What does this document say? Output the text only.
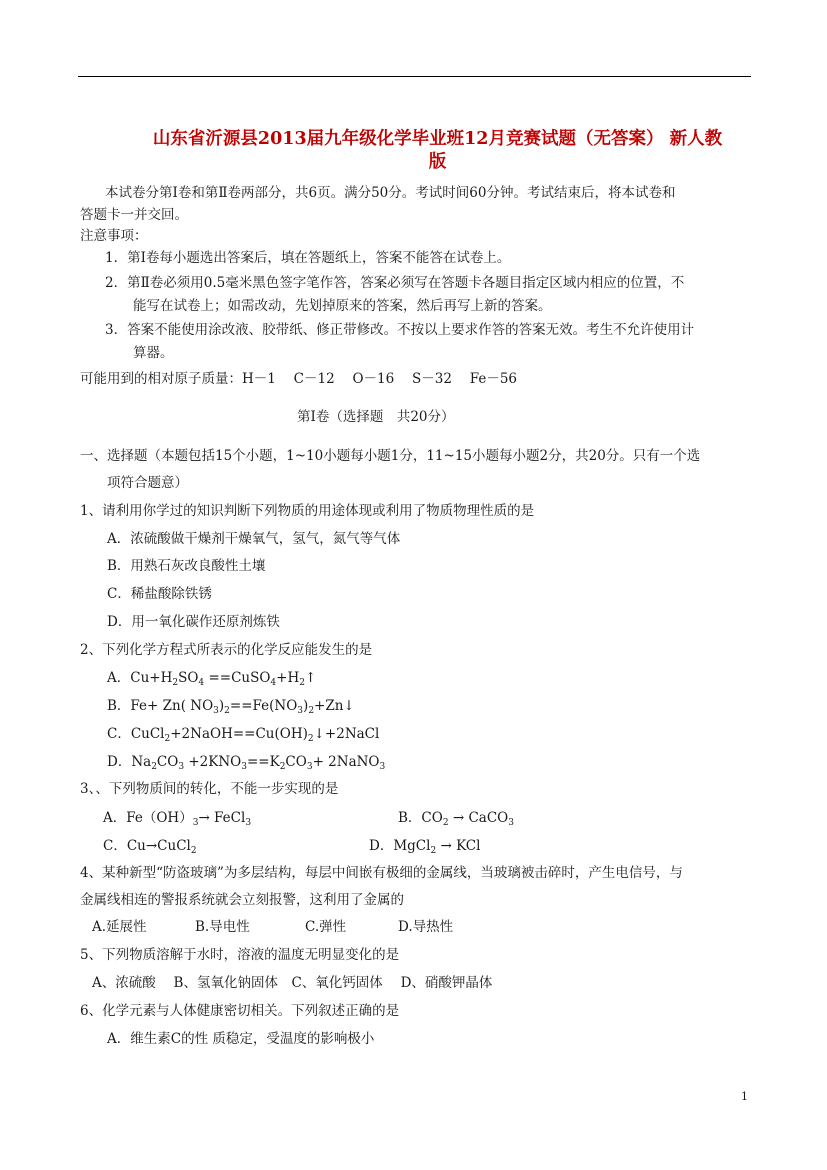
山东省沂源县2013届九年级化学毕业班12月竞赛试题（无答案） 新人教
版
本试卷分第Ⅰ卷和第Ⅱ卷两部分，共6页。满分50分。考试时间60分钟。考试结束后，将本试卷和
答题卡一并交回。
注意事项：
1．第Ⅰ卷每小题选出答案后，填在答题纸上，答案不能答在试卷上。
2．第Ⅱ卷必须用0.5毫米黑色签字笔作答，答案必须写在答题卡各题目指定区域内相应的位置，不
能写在试卷上；如需改动，先划掉原来的答案，然后再写上新的答案。
3．答案不能使用涂改液、胶带纸、修正带修改。不按以上要求作答的答案无效。考生不允许使用计
算器。
可能用到的相对原子质量：H－1　 C－12　 O－16　 S－32　 Fe－56
第Ⅰ卷（选择题　共20分）
一、选择题（本题包括15个小题，1~10小题每小题1分，11~15小题每小题2分，共20分。只有一个选
项符合题意）
1、请利用你学过的知识判断下列物质的用途体现或利用了物质物理性质的是
A．浓硫酸做干燥剂干燥氧气，氢气，氮气等气体
B．用熟石灰改良酸性土壤
C．稀盐酸除铁锈
D．用一氧化碳作还原剂炼铁
2、下列化学方程式所表示的化学反应能发生的是
A．$Cu+H_2SO_4$ $==CuSO_4+H_2↑$
B．Fe+ Zn( $NO_3)_2==Fe(NO_3)_2+Zn↓$
C．$CuCl_2+2NaOH==Cu(OH)_2↓+2NaCl$
D．$Na_2CO_3 +2KNO_3==K_2CO_3+$ 2NaNO$_3$
3、、下列物质间的转化，不能一步实现的是
A．$Fe(OH)_3\to$ FeCl$_3$	B．$CO_2$ → CaCO$_3$
C．Cu→CuCl$_2$	D．MgCl$_2$ → KCl
4、某种新型“防盗玻璃”为多层结构，每层中间嵌有极细的金属线，当玻璃被击碎时，产生电信号，与
金属线相连的警报系统就会立刻报警，这利用了金属的
A.延展性	B.导电性	C.弹性	D.导热性
5、下列物质溶解于水时，溶液的温度无明显变化的是
A、浓硫酸　 B、氢氧化钠固体　C、氧化钙固体　 D、硝酸钾晶体
6、化学元素与人体健康密切相关。下列叙述正确的是
A．维生素C的性 质稳定，受温度的影响极小
1
